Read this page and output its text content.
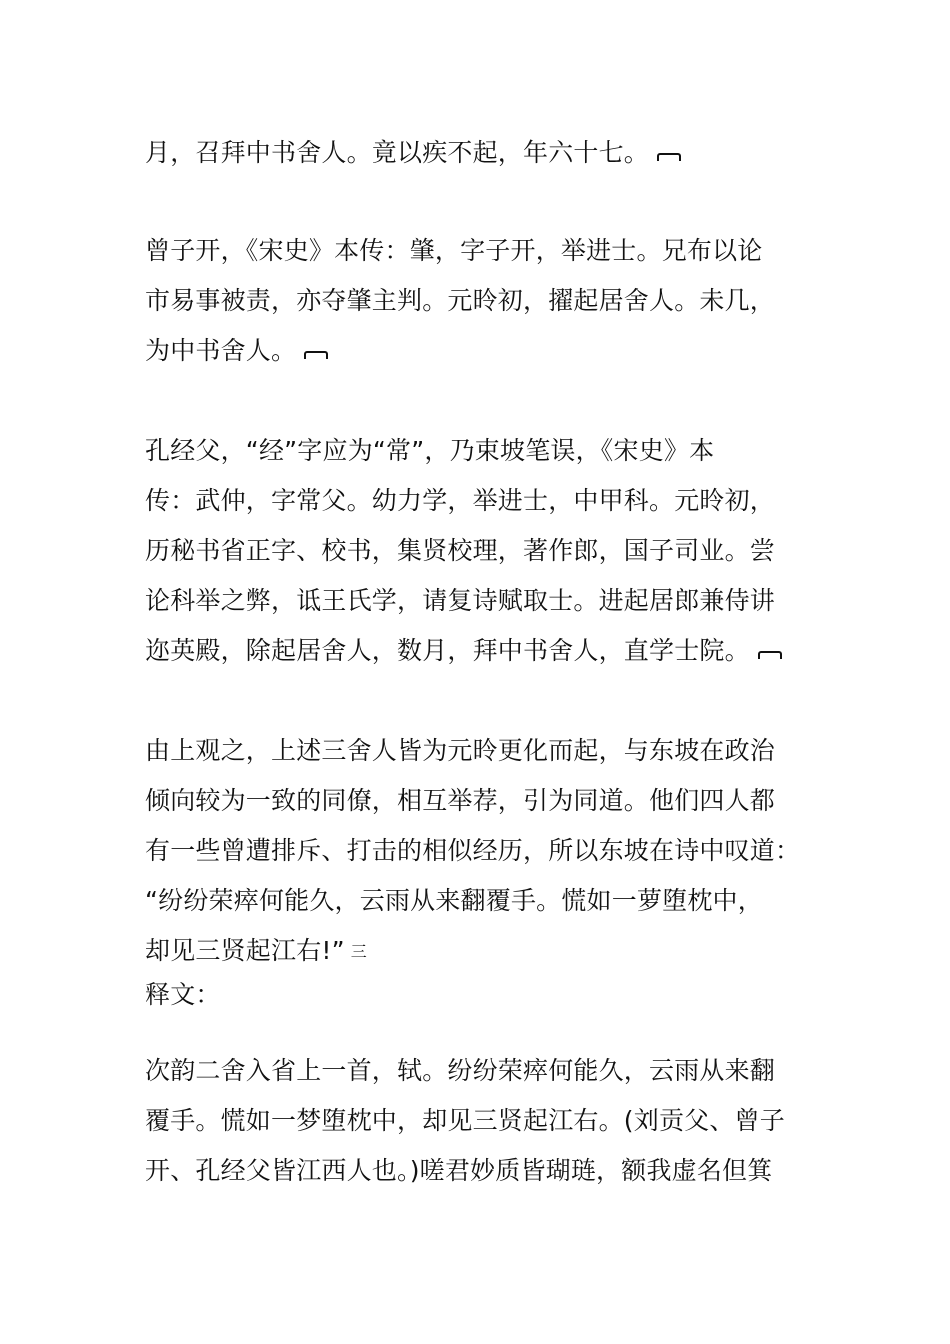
月，召拜中书舍人。竟以疾不起，年六十七。
曾子开，《宋史》本传：肇，字子开，举进士。兄布以论
市易事被责，亦夺肇主判。元昤初，擢起居舍人。未几，
为中书舍人。
孔经父，“经”字应为“常”，乃束坡笔误，《宋史》本
传：武仲，字常父。幼力学，举进士，中甲科。元昤初，
历秘书省正字、校书，集贤校理，著作郎，国子司业。尝
论科举之弊，诋王氏学，请复诗赋取士。进起居郎兼侍讲
迩英殿，除起居舍人，数月，拜中书舍人，直学士院。
由上观之，上述三舍人皆为元昤更化而起，与东坡在政治
倾向较为一致的同僚，相互举荐，引为同道。他们四人都
有一些曾遭排斥、打击的相似经历，所以东坡在诗中叹道：
“纷纷荣瘁何能久，云雨从来翻覆手。慌如一萝堕枕中，
却见三贤起江右!” 三
释文：
次韵二舍入省上一首，轼。纷纷荣瘁何能久，云雨从来翻
覆手。慌如一梦堕枕中，却见三贤起江右。(刘贡父、曾子
开、孔经父皆江西人也。)嗟君妙质皆瑚琏，额我虚名但箕
